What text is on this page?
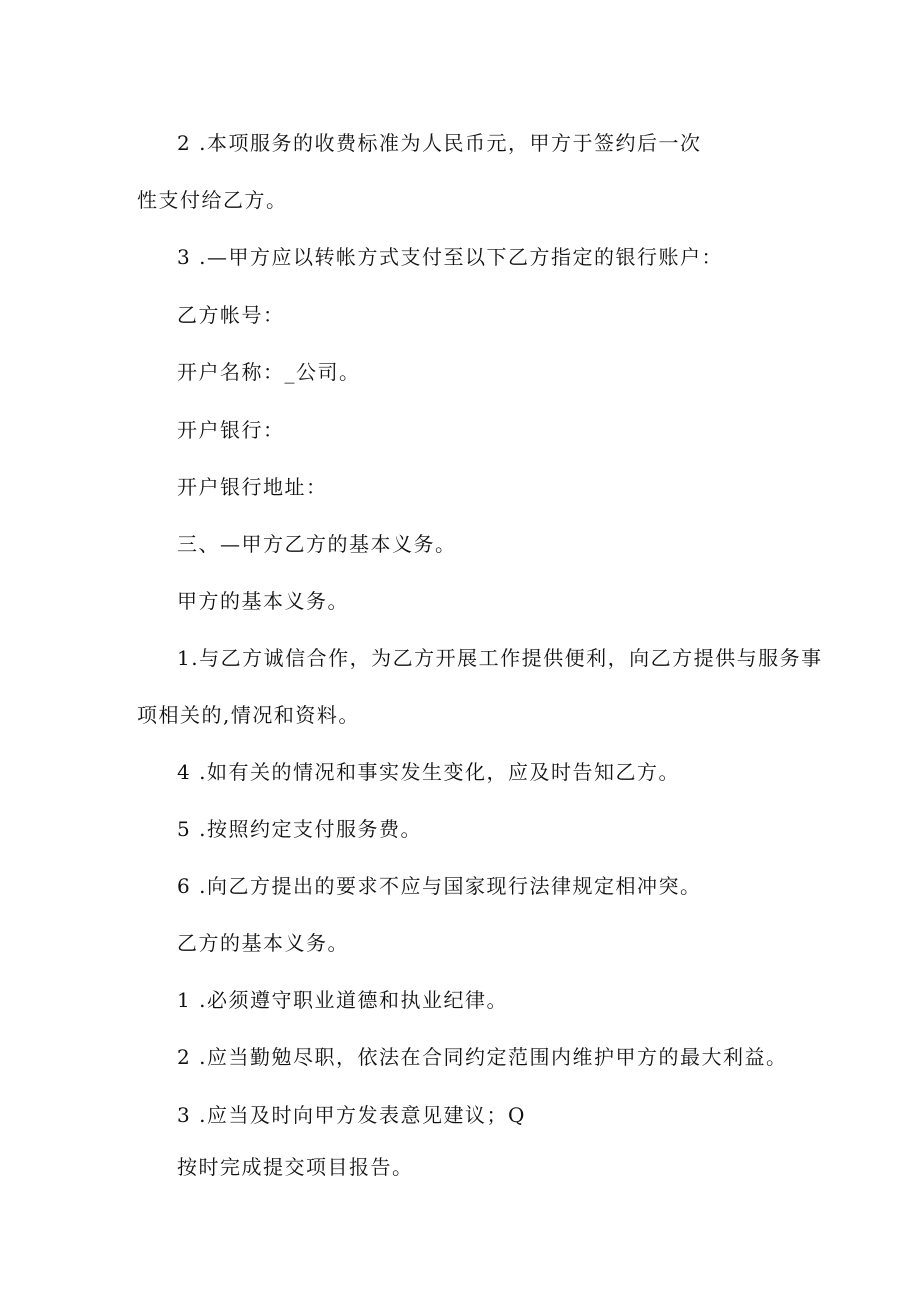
2 .本项服务的收费标准为人民币元，甲方于签约后一次
性支付给乙方。
3 .—甲方应以转帐方式支付至以下乙方指定的银行账户：
乙方帐号：
开户名称：_公司。
开户银行：
开户银行地址：
三、—甲方乙方的基本义务。
甲方的基本义务。
1.与乙方诚信合作，为乙方开展工作提供便利，向乙方提供与服务事
项相关的,情况和资料。
4 .如有关的情况和事实发生变化，应及时告知乙方。
5 .按照约定支付服务费。
6 .向乙方提出的要求不应与国家现行法律规定相冲突。
乙方的基本义务。
1 .必须遵守职业道德和执业纪律。
2 .应当勤勉尽职，依法在合同约定范围内维护甲方的最大利益。
3 .应当及时向甲方发表意见建议；Q
按时完成提交项目报告。
